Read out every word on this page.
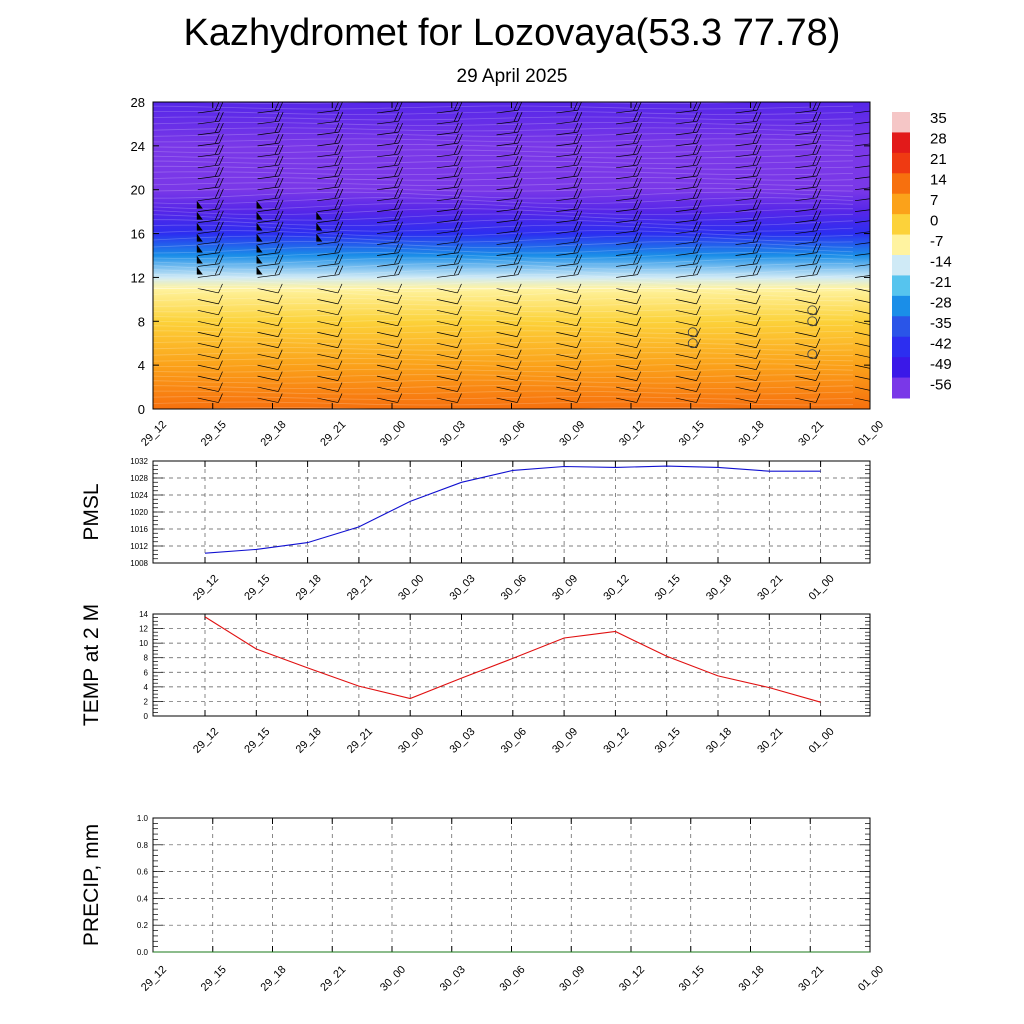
Kazhydromet for Lozovaya(53.3 77.78)
29 April 2025
0
4
8
12
16
20
24
28
29_12	29_15	29_18	29_21	30_00	30_03	30_06	30_09	30_12	30_15	30_18	30_21	01_00
35
28
21
14
7
0
-7
-14
-21
-28
-35
-42
-49
-56
1008
1012
1016
1020
1024
1028
1032
29_12 29_15 29_18 29_21 30_00 30_03 30_06 30_09 30_12 30_15 30_18 30_21 01_00
PMSL
0
2
4
6
8
10
12
14
29_12 29_15 29_18 29_21 30_00 30_03 30_06 30_09 30_12 30_15 30_18 30_21 01_00
TEMP at 2 M
0.0
0.2
0.4
0.6
0.8
1.0
29_12	29_15	29_18	29_21	30_00	30_03	30_06	30_09	30_12	30_15	30_18	30_21	01_00
PRECIP, mm
